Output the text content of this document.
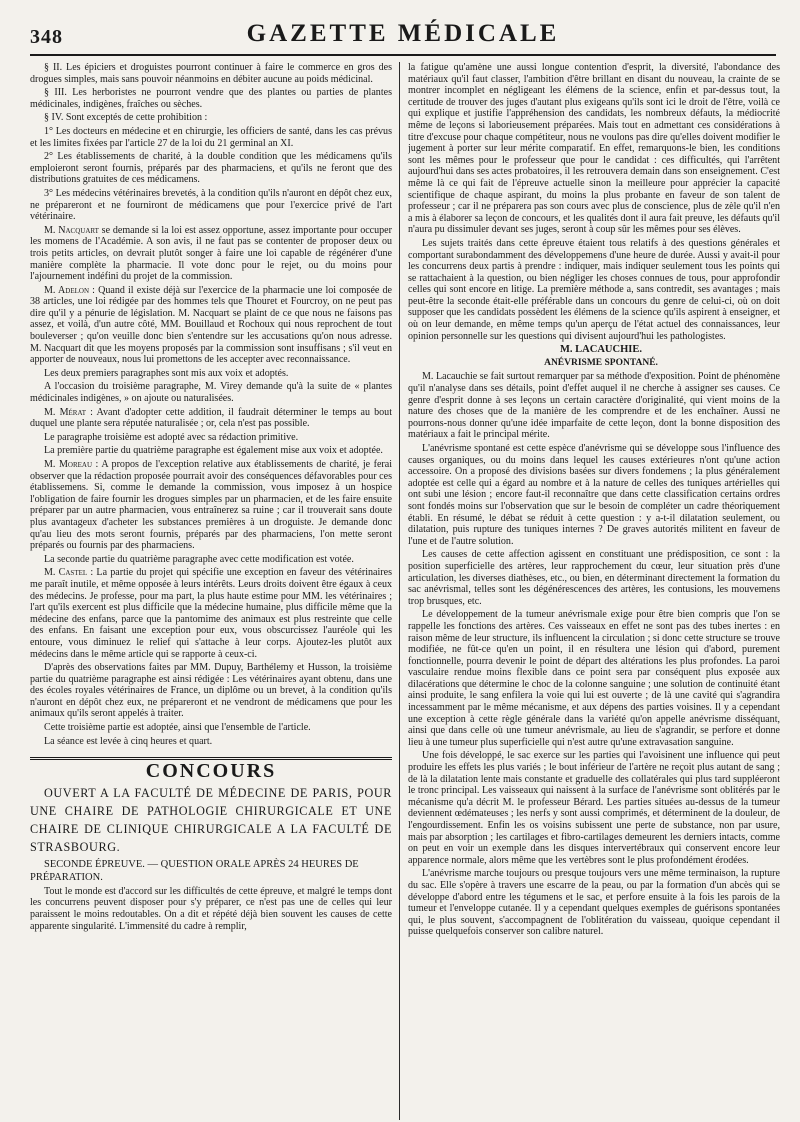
348	GAZETTE MÉDICALE

§ II. Les épiciers et droguistes pourront continuer à faire le commerce en gros des drogues simples, mais sans pouvoir néanmoins en débiter aucune au poids médicinal.

§ III. Les herboristes ne pourront vendre que des plantes ou parties de plantes médicinales, indigènes, fraîches ou sèches.

§ IV. Sont exceptés de cette prohibition :

1° Les docteurs en médecine et en chirurgie, les officiers de santé, dans les cas prévus et les limites fixées par l'article 27 de la loi du 21 germinal an XI.

2° Les établissements de charité, à la double condition que les médicamens qu'ils emploieront seront fournis, préparés par des pharmaciens, et qu'ils ne feront que des distributions gratuites de ces médicamens.

3° Les médecins vétérinaires brevetés, à la condition qu'ils n'auront en dépôt chez eux, ne prépareront et ne fourniront de médicamens que pour l'exercice privé de l'art vétérinaire.

M. Nacquart se demande si la loi est assez opportune, assez importante pour occuper les momens de l'Académie. A son avis, il ne faut pas se contenter de proposer deux ou trois petits articles, on devrait plutôt songer à faire une loi capable de régénérer d'une manière complète la pharmacie. Il vote donc pour le rejet, ou du moins pour l'ajournement indéfini du projet de la commission.

M. Adelon : Quand il existe déjà sur l'exercice de la pharmacie une loi composée de 38 articles, une loi rédigée par des hommes tels que Thouret et Fourcroy, on ne peut pas dire qu'il y a pénurie de législation. M. Nacquart se plaint de ce que nous ne faisons pas assez, et voilà, d'un autre côté, MM. Bouillaud et Rochoux qui nous reprochent de tout bouleverser ; qu'on veuille donc bien s'entendre sur les accusations qu'on nous adresse. M. Nacquart dit que les moyens proposés par la commission sont insuffisans ; s'il veut en apporter de nouveaux, nous lui promettons de les accepter avec reconnaissance.

Les deux premiers paragraphes sont mis aux voix et adoptés.

A l'occasion du troisième paragraphe, M. Virey demande qu'à la suite de « plantes médicinales indigènes, » on ajoute ou naturalisées.

M. Mérat : Avant d'adopter cette addition, il faudrait déterminer le temps au bout duquel une plante sera réputée naturalisée ; or, cela n'est pas possible.

Le paragraphe troisième est adopté avec sa rédaction primitive.

La première partie du quatrième paragraphe est également mise aux voix et adoptée.

M. Moreau : A propos de l'exception relative aux établissements de charité, je ferai observer que la rédaction proposée pourrait avoir des conséquences défavorables pour ces établissemens. Si, comme le demande la commission, vous imposez à un hospice l'obligation de faire fournir les drogues simples par un pharmacien, et de les faire ensuite préparer par un autre pharmacien, vous entraînerez sa ruine ; car il trouverait sans doute plus avantageux d'acheter les substances premières à un droguiste. Je demande donc qu'au lieu des mots seront fournis, préparés par des pharmaciens, l'on mette seront préparés ou fournis par des pharmaciens.

La seconde partie du quatrième paragraphe avec cette modification est votée.

M. Castel : La partie du projet qui spécifie une exception en faveur des vétérinaires me paraît inutile, et même opposée à leurs intérêts. Leurs droits doivent être égaux à ceux des médecins. Je professe, pour ma part, la plus haute estime pour MM. les vétérinaires ; l'art qu'ils exercent est plus difficile que la médecine humaine, plus difficile même que la médecine des enfans, parce que la pantomime des animaux est plus restreinte que celle des enfans. En faisant une exception pour eux, vous obscurcissez l'auréole qui les entoure, vous diminuez le relief qui s'attache à leur corps. Ajoutez-les plutôt aux médecins dans le même article qui se rapporte à ceux-ci.

D'après des observations faites par MM. Dupuy, Barthélemy et Husson, la troisième partie du quatrième paragraphe est ainsi rédigée : Les vétérinaires ayant obtenu, dans une des écoles royales vétérinaires de France, un diplôme ou un brevet, à la condition qu'ils n'auront en dépôt chez eux, ne prépareront et ne vendront de médicamens que pour les animaux qu'ils seront appelés à traiter.

Cette troisième partie est adoptée, ainsi que l'ensemble de l'article.

La séance est levée à cinq heures et quart.

CONCOURS

OUVERT A LA FACULTÉ DE MÉDECINE DE PARIS, POUR UNE CHAIRE DE PATHOLOGIE CHIRURGICALE ET UNE CHAIRE DE CLINIQUE CHIRURGICALE A LA FACULTÉ DE STRASBOURG.

SECONDE ÉPREUVE. — QUESTION ORALE APRÈS 24 HEURES DE PRÉPARATION.

Tout le monde est d'accord sur les difficultés de cette épreuve, et malgré le temps dont les concurrens peuvent disposer pour s'y préparer, ce n'est pas une de celles qui leur paraissent le moins redoutables. On a dit et répété déjà bien souvent les causes de cette apparente singularité. L'immensité du cadre à remplir,

la fatigue qu'amène une aussi longue contention d'esprit, la diversité, l'abondance des matériaux qu'il faut classer, l'ambition d'être brillant en disant du nouveau, la crainte de se montrer incomplet en négligeant les élémens de la science, enfin et par-dessus tout, la certitude de trouver des juges d'autant plus exigeans qu'ils sont ici le droit de l'être, voilà ce qui explique et justifie l'appréhension des candidats, les nombreux défauts, la médiocrité même de leçons si laborieusement préparées. Mais tout en admettant ces considérations à titre d'excuse pour chaque compétiteur, nous ne voulons pas dire qu'elles doivent modifier le jugement à porter sur leur mérite comparatif. En effet, remarquons-le bien, les conditions sont les mêmes pour le professeur que pour le candidat : ces difficultés, qui l'arrêtent aujourd'hui dans ses actes probatoires, il les retrouvera demain dans son enseignement. C'est même là ce qui fait de l'épreuve actuelle sinon la meilleure pour apprécier la capacité scientifique de chaque aspirant, du moins la plus probante en faveur de son talent de professeur ; car il ne préparera pas son cours avec plus de conscience, plus de zèle qu'il n'en a mis à élaborer sa leçon de concours, et les qualités dont il aura fait preuve, les défauts qu'il n'aura pu dissimuler devant ses juges, seront à coup sûr les mêmes pour ses élèves.

Les sujets traités dans cette épreuve étaient tous relatifs à des questions générales et comportant surabondamment des développemens d'une heure de durée. Aussi y avait-il pour les concurrens deux partis à prendre : indiquer, mais indiquer seulement tous les points qui se rattachaient à la question, ou bien négliger les choses connues de tous, pour approfondir celles qui sont encore en litige. La première méthode a, sans contredit, ses avantages ; mais peut-être la seconde était-elle préférable dans un concours du genre de celui-ci, où on doit supposer que les candidats possèdent les élémens de la science qu'ils aspirent à enseigner, et où on leur demande, en même temps qu'un aperçu de l'état actuel des connaissances, leur opinion personnelle sur les questions qui divisent aujourd'hui les pathologistes.

M. LACAUCHIE.

ANÉVRISME SPONTANÉ.

M. Lacauchie se fait surtout remarquer par sa méthode d'exposition. Point de phénomène qu'il n'analyse dans ses détails, point d'effet auquel il ne cherche à assigner ses causes. Ce genre d'esprit donne à ses leçons un certain caractère d'originalité, qui vient moins de la nature des choses que de la manière de les comprendre et de les enchaîner. Aussi ne pourrons-nous donner qu'une idée imparfaite de cette leçon, dont la bonne disposition des matériaux a fait le principal mérite.

L'anévrisme spontané est cette espèce d'anévrisme qui se développe sous l'influence des causes organiques, ou du moins dans lequel les causes extérieures n'ont qu'une action accessoire. On a proposé des divisions basées sur divers fondemens ; la plus généralement adoptée est celle qui a égard au nombre et à la nature de celles des tuniques artérielles qui ont subi une lésion ; encore faut-il reconnaître que dans cette classification certains ordres sont fondés moins sur l'observation que sur le besoin de compléter un cadre théoriquement établi. En résumé, le débat se réduit à cette question : y a-t-il dilatation seulement, ou dilatation, puis rupture des tuniques internes ? De graves autorités militent en faveur de l'une et de l'autre solution.

Les causes de cette affection agissent en constituant une prédisposition, ce sont : la position superficielle des artères, leur rapprochement du cœur, leur situation près d'une articulation, les diverses diathèses, etc., ou bien, en déterminant directement la formation du sac anévrismal, telles sont les dégénérescences des artères, les contusions, les mouvemens trop brusques, etc.

Le développement de la tumeur anévrismale exige pour être bien compris que l'on se rappelle les fonctions des artères. Ces vaisseaux en effet ne sont pas des tubes inertes : en raison même de leur structure, ils influencent la circulation ; si donc cette structure se trouve modifiée, ne fût-ce qu'en un point, il en résultera une lésion qui d'abord, purement fonctionnelle, pourra devenir le point de départ des altérations les plus profondes. La paroi vasculaire rendue moins flexible dans ce point sera par conséquent plus exposée aux dilacérations que détermine le choc de la colonne sanguine ; une solution de continuité étant ainsi produite, le sang enfilera la voie qui lui est ouverte ; de là une cavité qui s'agrandira incessamment par le même mécanisme, et aux dépens des parties voisines. Il y a cependant une exception à cette règle générale dans la variété qu'on appelle anévrisme disséquant, ainsi que dans celle où une tumeur anévrismale, au lieu de s'agrandir, se perfore et donne lieu à une tumeur plus superficielle qui n'est autre qu'une extravasation sanguine.

Une fois développé, le sac exerce sur les parties qui l'avoisinent une influence qui peut produire les effets les plus variés ; le bout inférieur de l'artère ne reçoit plus autant de sang ; de là la dilatation lente mais constante et graduelle des collatérales qui plus tard suppléeront le tronc principal. Les vaisseaux qui naissent à la surface de l'anévrisme sont oblitérés par le mécanisme qu'a décrit M. le professeur Bérard. Les parties situées au-dessus de la tumeur deviennent œdémateuses ; les nerfs y sont aussi comprimés, et déterminent de la douleur, de l'engourdissement. Enfin les os voisins subissent une perte de substance, non par usure, mais par absorption ; les cartilages et fibro-cartilages demeurent les derniers intacts, comme on peut en voir un exemple dans les disques intervertébraux qui conservent encore leur apparence normale, alors même que les vertèbres sont le plus profondément érodées.

L'anévrisme marche toujours ou presque toujours vers une même terminaison, la rupture du sac. Elle s'opère à travers une escarre de la peau, ou par la formation d'un abcès qui se développe d'abord entre les tégumens et le sac, et perfore ensuite à la fois les parois de la tumeur et l'enveloppe cutanée. Il y a cependant quelques exemples de guérisons spontanées qui, le plus souvent, s'accompagnent de l'oblitération du vaisseau, quoique cependant il puisse quelquefois conserver son calibre naturel.
